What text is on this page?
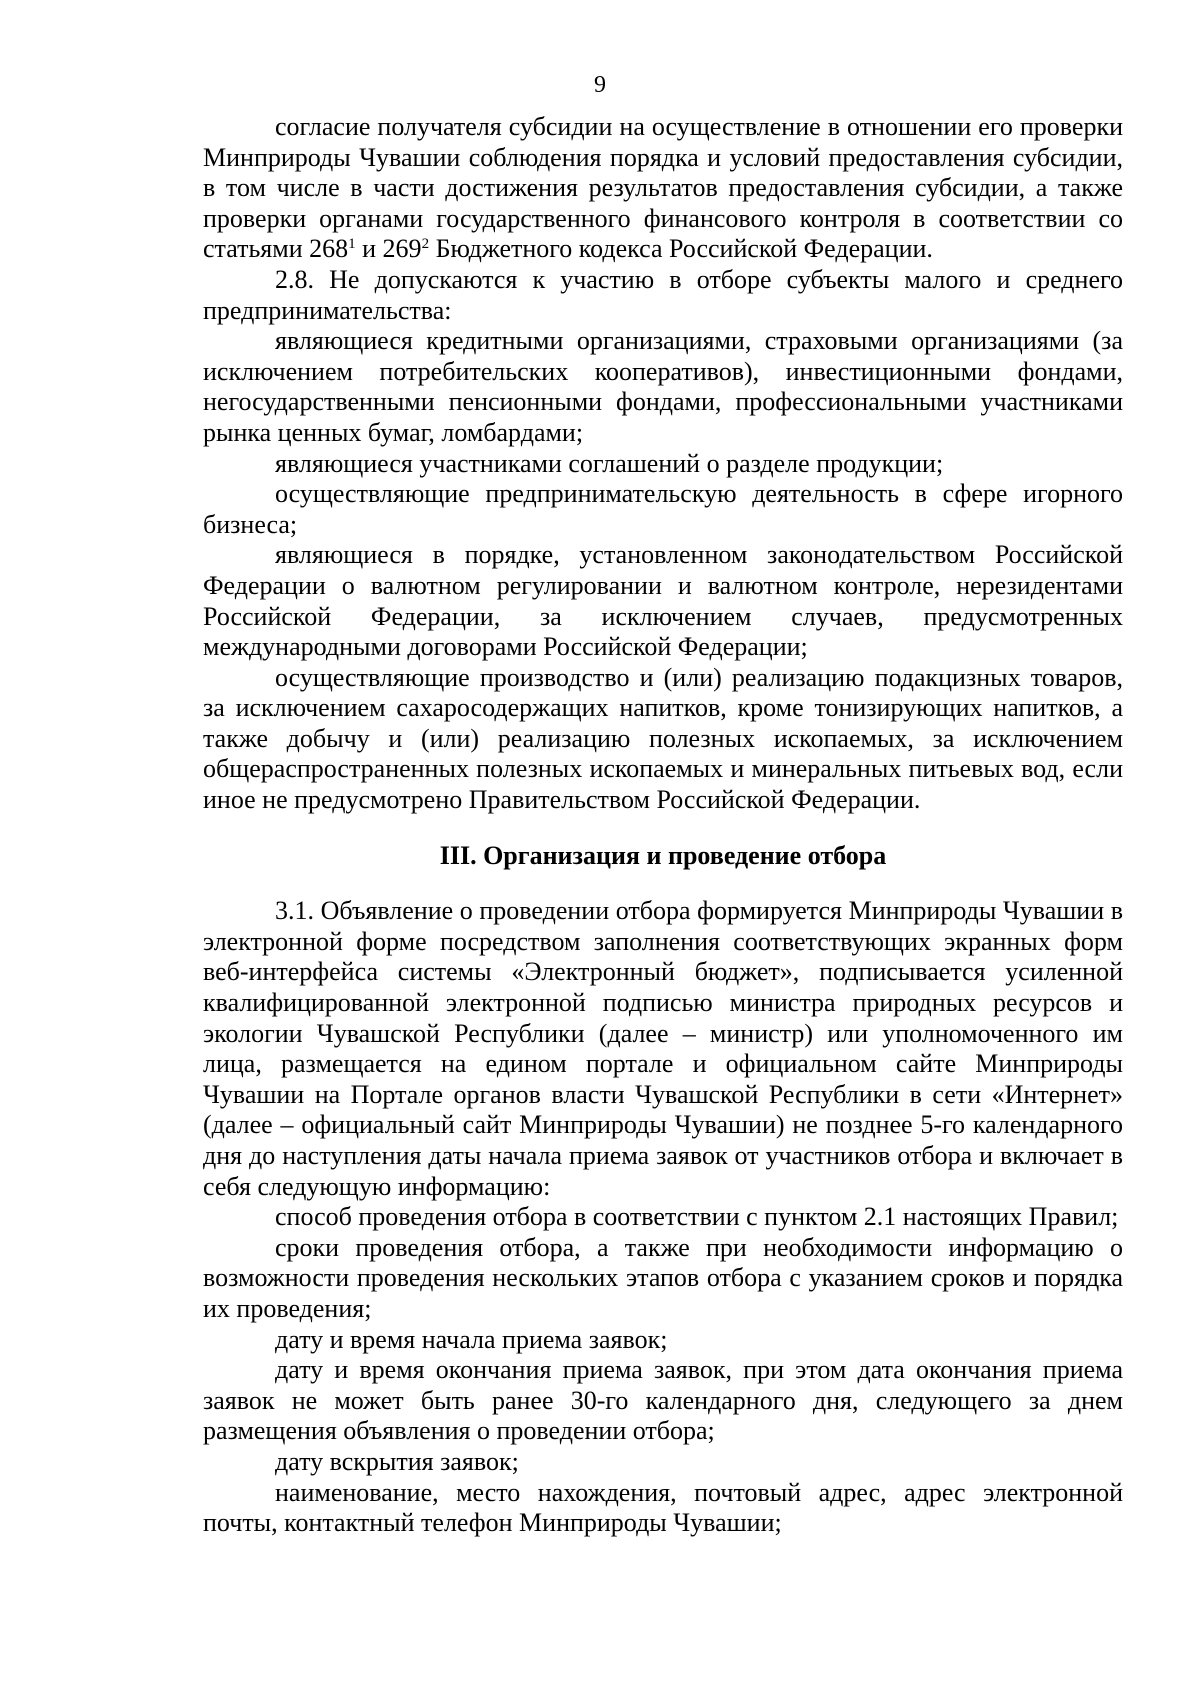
9

согласие получателя субсидии на осуществление в отношении его проверки Минприроды Чувашии соблюдения порядка и условий предоставления субсидии, в том числе в части достижения результатов предоставления субсидии, а также проверки органами государственного финансового контроля в соответствии со статьями $268^1$ и $269^2$ Бюджетного кодекса Российской Федерации.

2.8. Не допускаются к участию в отборе субъекты малого и среднего предпринимательства:

являющиеся кредитными организациями, страховыми организациями (за исключением потребительских кооперативов), инвестиционными фондами, негосударственными пенсионными фондами, профессиональными участниками рынка ценных бумаг, ломбардами;

являющиеся участниками соглашений о разделе продукции;

осуществляющие предпринимательскую деятельность в сфере игорного бизнеса;

являющиеся в порядке, установленном законодательством Российской Федерации о валютном регулировании и валютном контроле, нерезидентами Российской Федерации, за исключением случаев, предусмотренных международными договорами Российской Федерации;

осуществляющие производство и (или) реализацию подакцизных товаров, за исключением сахаросодержащих напитков, кроме тонизирующих напитков, а также добычу и (или) реализацию полезных ископаемых, за исключением общераспространенных полезных ископаемых и минеральных питьевых вод, если иное не предусмотрено Правительством Российской Федерации.

III. Организация и проведение отбора

3.1. Объявление о проведении отбора формируется Минприроды Чувашии в электронной форме посредством заполнения соответствующих экранных форм веб-интерфейса системы «Электронный бюджет», подписывается усиленной квалифицированной электронной подписью министра природных ресурсов и экологии Чувашской Республики (далее – министр) или уполномоченного им лица, размещается на едином портале и официальном сайте Минприроды Чувашии на Портале органов власти Чувашской Республики в сети «Интернет» (далее – официальный сайт Минприроды Чувашии) не позднее 5-го календарного дня до наступления даты начала приема заявок от участников отбора и включает в себя следующую информацию:

способ проведения отбора в соответствии с пунктом 2.1 настоящих Правил;

сроки проведения отбора, а также при необходимости информацию о возможности проведения нескольких этапов отбора с указанием сроков и порядка их проведения;

дату и время начала приема заявок;

дату и время окончания приема заявок, при этом дата окончания приема заявок не может быть ранее 30-го календарного дня, следующего за днем размещения объявления о проведении отбора;

дату вскрытия заявок;

наименование, место нахождения, почтовый адрес, адрес электронной почты, контактный телефон Минприроды Чувашии;
